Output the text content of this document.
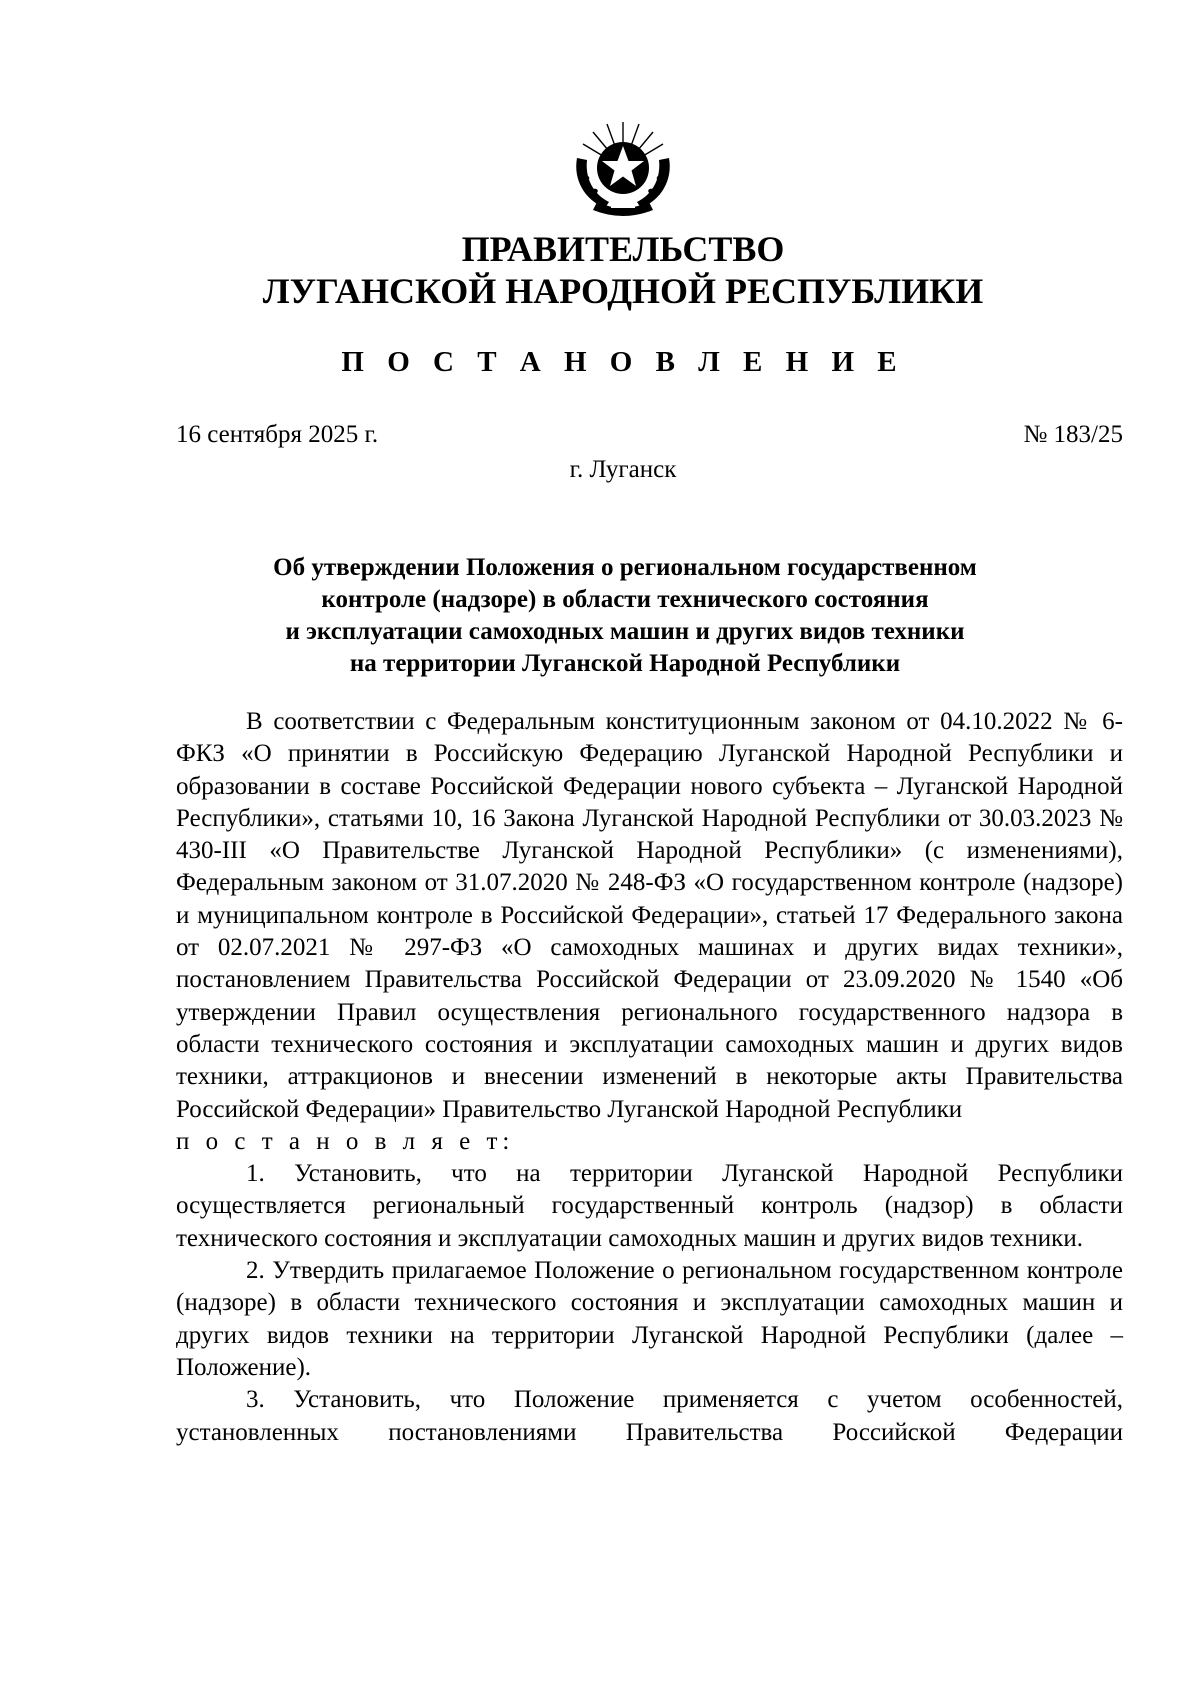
ПРАВИТЕЛЬСТВО
ЛУГАНСКОЙ НАРОДНОЙ РЕСПУБЛИКИ
П О С Т А Н О В Л Е Н И Е
16 сентября 2025 г.	№ 183/25
г. Луганск
Об утверждении Положения о региональном государственном
контроле (надзоре) в области технического состояния
и эксплуатации самоходных машин и других видов техники
на территории Луганской Народной Республики

В соответствии с Федеральным конституционным законом от 04.10.2022 № 6-ФКЗ «О принятии в Российскую Федерацию Луганской Народной Республики и образовании в составе Российской Федерации нового субъекта – Луганской Народной Республики», статьями 10, 16 Закона Луганской Народной Республики от 30.03.2023 № 430-III «О Правительстве Луганской Народной Республики» (с изменениями), Федеральным законом от 31.07.2020 № 248-ФЗ «О государственном контроле (надзоре) и муниципальном контроле в Российской Федерации», статьей 17 Федерального закона от 02.07.2021 № 297-ФЗ «О самоходных машинах и других видах техники», постановлением Правительства Российской Федерации от 23.09.2020 № 1540 «Об утверждении Правил осуществления регионального государственного надзора в области технического состояния и эксплуатации самоходных машин и других видов техники, аттракционов и внесении изменений в некоторые акты Правительства Российской Федерации» Правительство Луганской Народной Республики

п о с т а н о в л я е т:

1. Установить, что на территории Луганской Народной Республики осуществляется региональный государственный контроль (надзор) в области технического состояния и эксплуатации самоходных машин и других видов техники.

2. Утвердить прилагаемое Положение о региональном государственном контроле (надзоре) в области технического состояния и эксплуатации самоходных машин и других видов техники на территории Луганской Народной Республики (далее – Положение).

3. Установить, что Положение применяется с учетом особенностей, установленных постановлениями Правительства Российской Федерации
